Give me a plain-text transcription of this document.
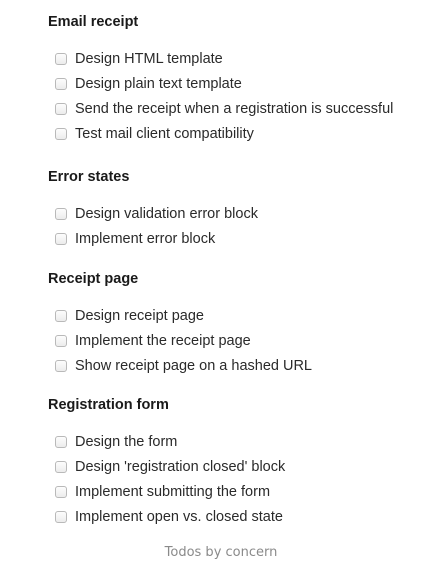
Email receipt
Design HTML template
Design plain text template
Send the receipt when a registration is successful
Test mail client compatibility
Error states
Design validation error block
Implement error block
Receipt page
Design receipt page
Implement the receipt page
Show receipt page on a hashed URL
Registration form
Design the form
Design 'registration closed' block
Implement submitting the form
Implement open vs. closed state
Todos by concern
